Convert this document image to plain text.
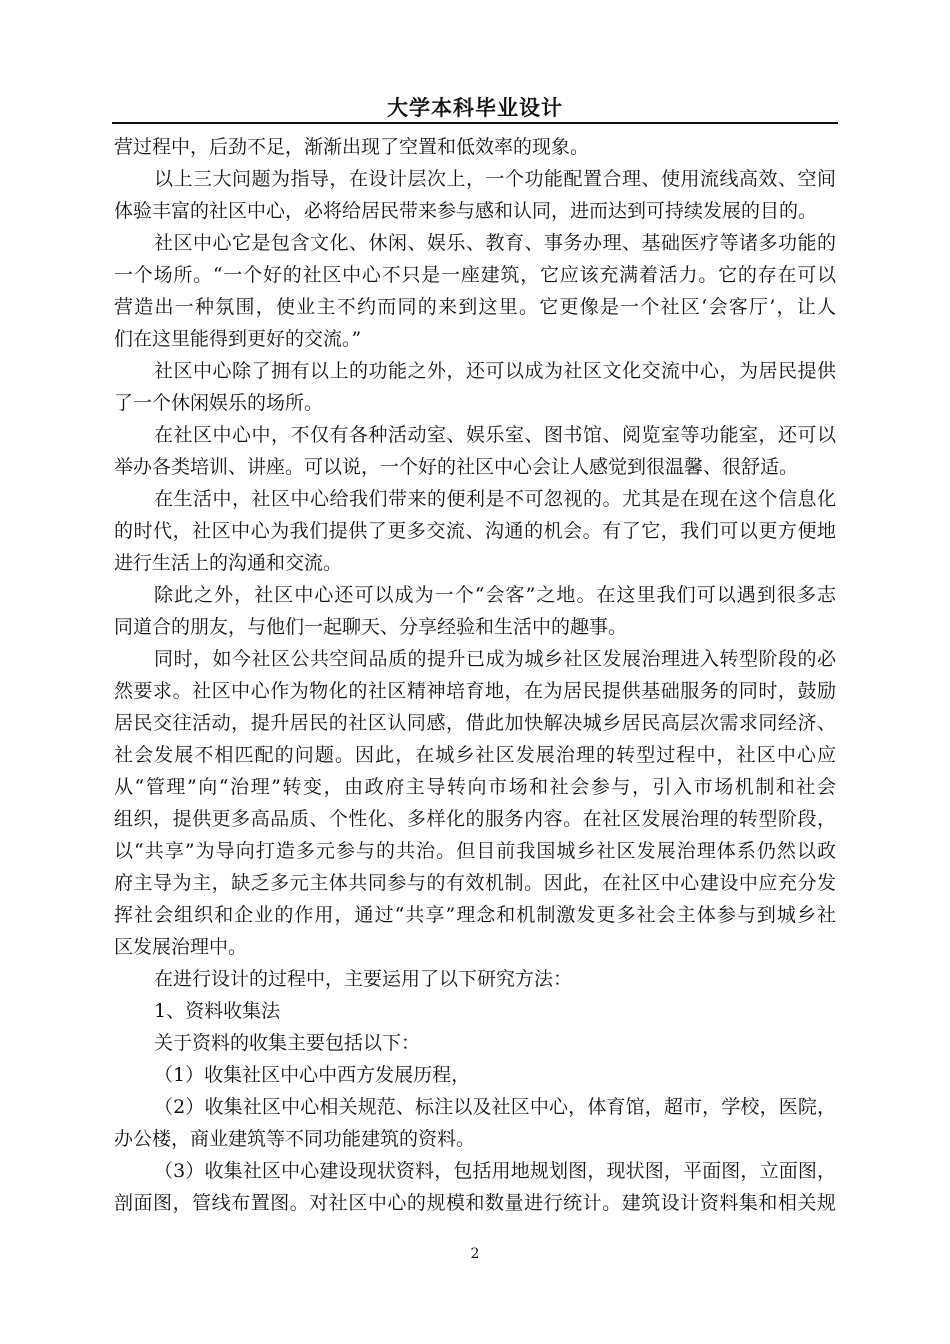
大学本科毕业设计
营过程中，后劲不足，渐渐出现了空置和低效率的现象。
以上三大问题为指导，在设计层次上，一个功能配置合理、使用流线高效、空间
体验丰富的社区中心，必将给居民带来参与感和认同，进而达到可持续发展的目的。
社区中心它是包含文化、休闲、娱乐、教育、事务办理、基础医疗等诸多功能的
一个场所。“一个好的社区中心不只是一座建筑，它应该充满着活力。它的存在可以
营造出一种氛围，使业主不约而同的来到这里。它更像是一个社区‘会客厅’，让人
们在这里能得到更好的交流。”
社区中心除了拥有以上的功能之外，还可以成为社区文化交流中心，为居民提供
了一个休闲娱乐的场所。
在社区中心中，不仅有各种活动室、娱乐室、图书馆、阅览室等功能室，还可以
举办各类培训、讲座。可以说，一个好的社区中心会让人感觉到很温馨、很舒适。
在生活中，社区中心给我们带来的便利是不可忽视的。尤其是在现在这个信息化
的时代，社区中心为我们提供了更多交流、沟通的机会。有了它，我们可以更方便地
进行生活上的沟通和交流。
除此之外，社区中心还可以成为一个“会客”之地。在这里我们可以遇到很多志
同道合的朋友，与他们一起聊天、分享经验和生活中的趣事。
同时，如今社区公共空间品质的提升已成为城乡社区发展治理进入转型阶段的必
然要求。社区中心作为物化的社区精神培育地，在为居民提供基础服务的同时，鼓励
居民交往活动，提升居民的社区认同感，借此加快解决城乡居民高层次需求同经济、
社会发展不相匹配的问题。因此，在城乡社区发展治理的转型过程中，社区中心应
从“管理”向“治理”转变，由政府主导转向市场和社会参与，引入市场机制和社会
组织，提供更多高品质、个性化、多样化的服务内容。在社区发展治理的转型阶段，
以“共享”为导向打造多元参与的共治。但目前我国城乡社区发展治理体系仍然以政
府主导为主，缺乏多元主体共同参与的有效机制。因此，在社区中心建设中应充分发
挥社会组织和企业的作用，通过“共享”理念和机制激发更多社会主体参与到城乡社
区发展治理中。
在进行设计的过程中，主要运用了以下研究方法：
1、资料收集法
关于资料的收集主要包括以下：
（1）收集社区中心中西方发展历程，
（2）收集社区中心相关规范、标注以及社区中心，体育馆，超市，学校，医院，
办公楼，商业建筑等不同功能建筑的资料。
（3）收集社区中心建设现状资料，包括用地规划图，现状图，平面图，立面图，
剖面图，管线布置图。对社区中心的规模和数量进行统计。建筑设计资料集和相关规
2
